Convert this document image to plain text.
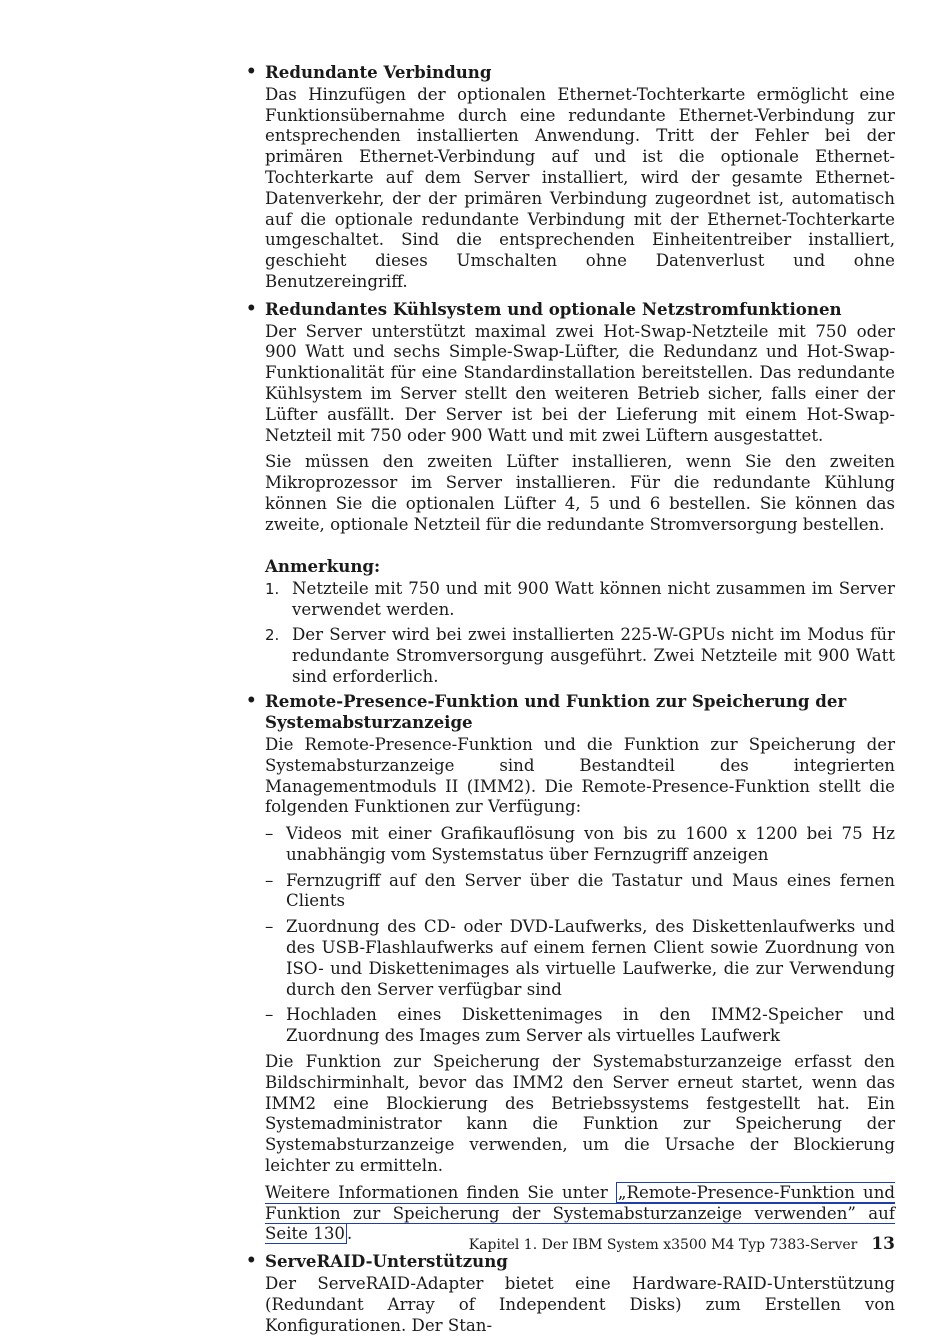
• Redundante Verbindung

Das Hinzufügen der optionalen Ethernet-Tochterkarte ermöglicht eine Funktionsübernahme durch eine redundante Ethernet-Verbindung zur entsprechenden installierten Anwendung. Tritt der Fehler bei der primären Ethernet-Verbindung auf und ist die optionale Ethernet-Tochterkarte auf dem Server installiert, wird der gesamte Ethernet-Datenverkehr, der der primären Verbindung zugeordnet ist, automatisch auf die optionale redundante Verbindung mit der Ethernet-Tochterkarte umgeschaltet. Sind die entsprechenden Einheitentreiber installiert, geschieht dieses Umschalten ohne Datenverlust und ohne Benutzereingriff.

• Redundantes Kühlsystem und optionale Netzstromfunktionen

Der Server unterstützt maximal zwei Hot-Swap-Netzteile mit 750 oder 900 Watt und sechs Simple-Swap-Lüfter, die Redundanz und Hot-Swap-Funktionalität für eine Standardinstallation bereitstellen. Das redundante Kühlsystem im Server stellt den weiteren Betrieb sicher, falls einer der Lüfter ausfällt. Der Server ist bei der Lieferung mit einem Hot-Swap-Netzteil mit 750 oder 900 Watt und mit zwei Lüftern ausgestattet.

Sie müssen den zweiten Lüfter installieren, wenn Sie den zweiten Mikroprozessor im Server installieren. Für die redundante Kühlung können Sie die optionalen Lüfter 4, 5 und 6 bestellen. Sie können das zweite, optionale Netzteil für die redundante Stromversorgung bestellen.

Anmerkung:
1. Netzteile mit 750 und mit 900 Watt können nicht zusammen im Server verwendet werden.
2. Der Server wird bei zwei installierten 225-W-GPUs nicht im Modus für redundante Stromversorgung ausgeführt. Zwei Netzteile mit 900 Watt sind erforderlich.
• Remote-Presence-Funktion und Funktion zur Speicherung der Systemabsturzanzeige

Die Remote-Presence-Funktion und die Funktion zur Speicherung der Systemabsturzanzeige sind Bestandteil des integrierten Managementmoduls II (IMM2). Die Remote-Presence-Funktion stellt die folgenden Funktionen zur Verfügung:

– Videos mit einer Grafikauflösung von bis zu 1600 x 1200 bei 75 Hz unabhängig vom Systemstatus über Fernzugriff anzeigen
– Fernzugriff auf den Server über die Tastatur und Maus eines fernen Clients
– Zuordnung des CD- oder DVD-Laufwerks, des Diskettenlaufwerks und des USB-Flashlaufwerks auf einem fernen Client sowie Zuordnung von ISO- und Diskettenimages als virtuelle Laufwerke, die zur Verwendung durch den Server verfügbar sind
– Hochladen eines Diskettenimages in den IMM2-Speicher und Zuordnung des Images zum Server als virtuelles Laufwerk

Die Funktion zur Speicherung der Systemabsturzanzeige erfasst den Bildschirminhalt, bevor das IMM2 den Server erneut startet, wenn das IMM2 eine Blockierung des Betriebssystems festgestellt hat. Ein Systemadministrator kann die Funktion zur Speicherung der Systemabsturzanzeige verwenden, um die Ursache der Blockierung leichter zu ermitteln.

Weitere Informationen finden Sie unter „Remote-Presence-Funktion und Funktion zur Speicherung der Systemabsturzanzeige verwenden” auf Seite 130 .

• ServeRAID-Unterstützung

Der ServeRAID-Adapter bietet eine Hardware-RAID-Unterstützung (Redundant Array of Independent Disks) zum Erstellen von Konfigurationen. Der Stan-

Kapitel 1. Der IBM System x3500 M4 Typ 7383-Server 13
